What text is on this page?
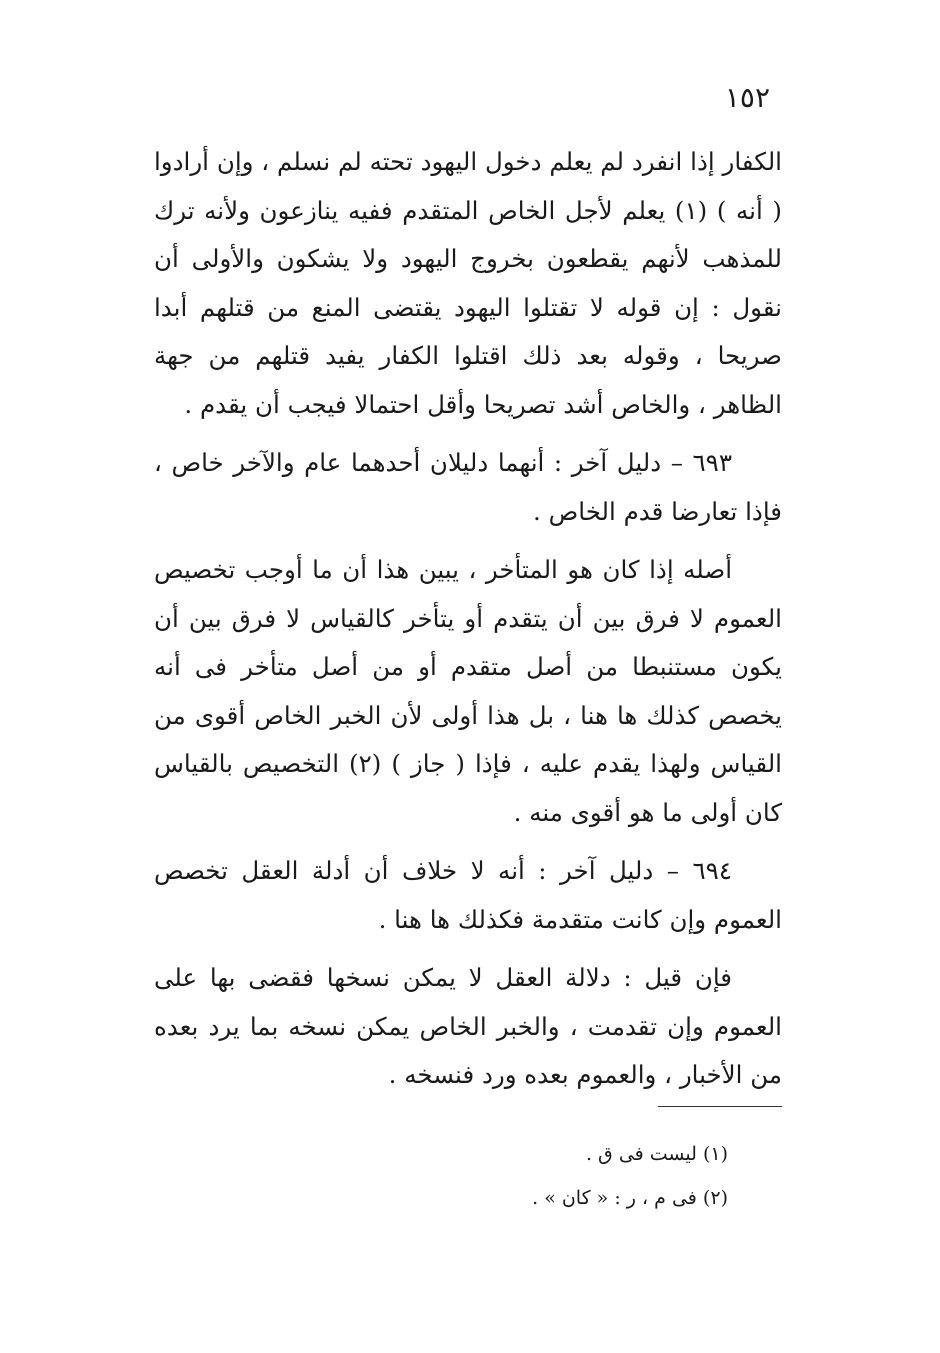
١٥٢

الكفار إذا انفرد لم يعلم دخول اليهود تحته لم نسلم ، وإن أرادوا ( أنه ) (١) يعلم لأجل الخاص المتقدم ففيه ينازعون ولأنه ترك للمذهب لأنهم يقطعون بخروج اليهود ولا يشكون والأولى أن نقول : إن قوله لا تقتلوا اليهود يقتضى المنع من قتلهم أبدا صريحا ، وقوله بعد ذلك اقتلوا الكفار يفيد قتلهم من جهة الظاهر ، والخاص أشد تصريحا وأقل احتمالا فيجب أن يقدم .

٦٩٣ – دليل آخر : أنهما دليلان أحدهما عام والآخر خاص ، فإذا تعارضا قدم الخاص .

أصله إذا كان هو المتأخر ، يبين هذا أن ما أوجب تخصيص العموم لا فرق بين أن يتقدم أو يتأخر كالقياس لا فرق بين أن يكون مستنبطا من أصل متقدم أو من أصل متأخر فى أنه يخصص كذلك ها هنا ، بل هذا أولى لأن الخبر الخاص أقوى من القياس ولهذا يقدم عليه ، فإذا ( جاز ) (٢) التخصيص بالقياس كان أولى ما هو أقوى منه .

٦٩٤ – دليل آخر : أنه لا خلاف أن أدلة العقل تخصص العموم وإن كانت متقدمة فكذلك ها هنا .

فإن قيل : دلالة العقل لا يمكن نسخها فقضى بها على العموم وإن تقدمت ، والخبر الخاص يمكن نسخه بما يرد بعده من الأخبار ، والعموم بعده ورد فنسخه .

(١) ليست فى ق .
(٢) فى م ، ر : « كان » .
